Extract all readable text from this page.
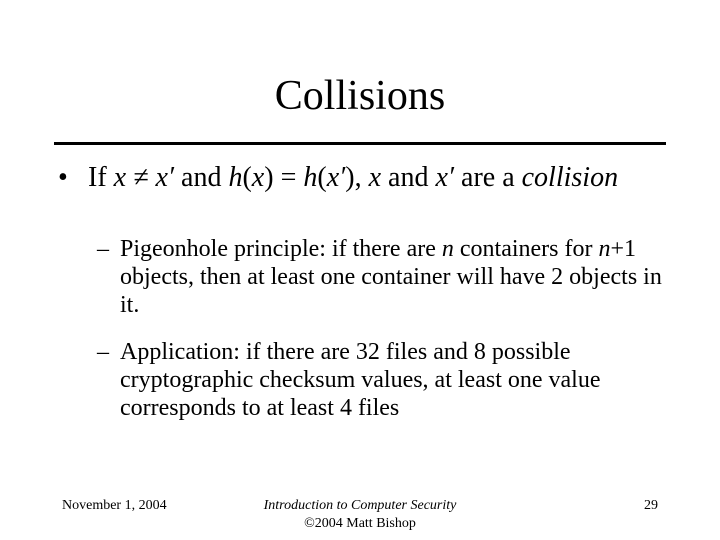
Collisions
• If x ≠ x′ and h(x) = h(x′), x and x′ are a collision
– Pigeonhole principle: if there are n containers for n+1 objects, then at least one container will have 2 objects in it.
– Application: if there are 32 files and 8 possible cryptographic checksum values, at least one value corresponds to at least 4 files
November 1, 2004	Introduction to Computer Security
©2004 Matt Bishop
29
